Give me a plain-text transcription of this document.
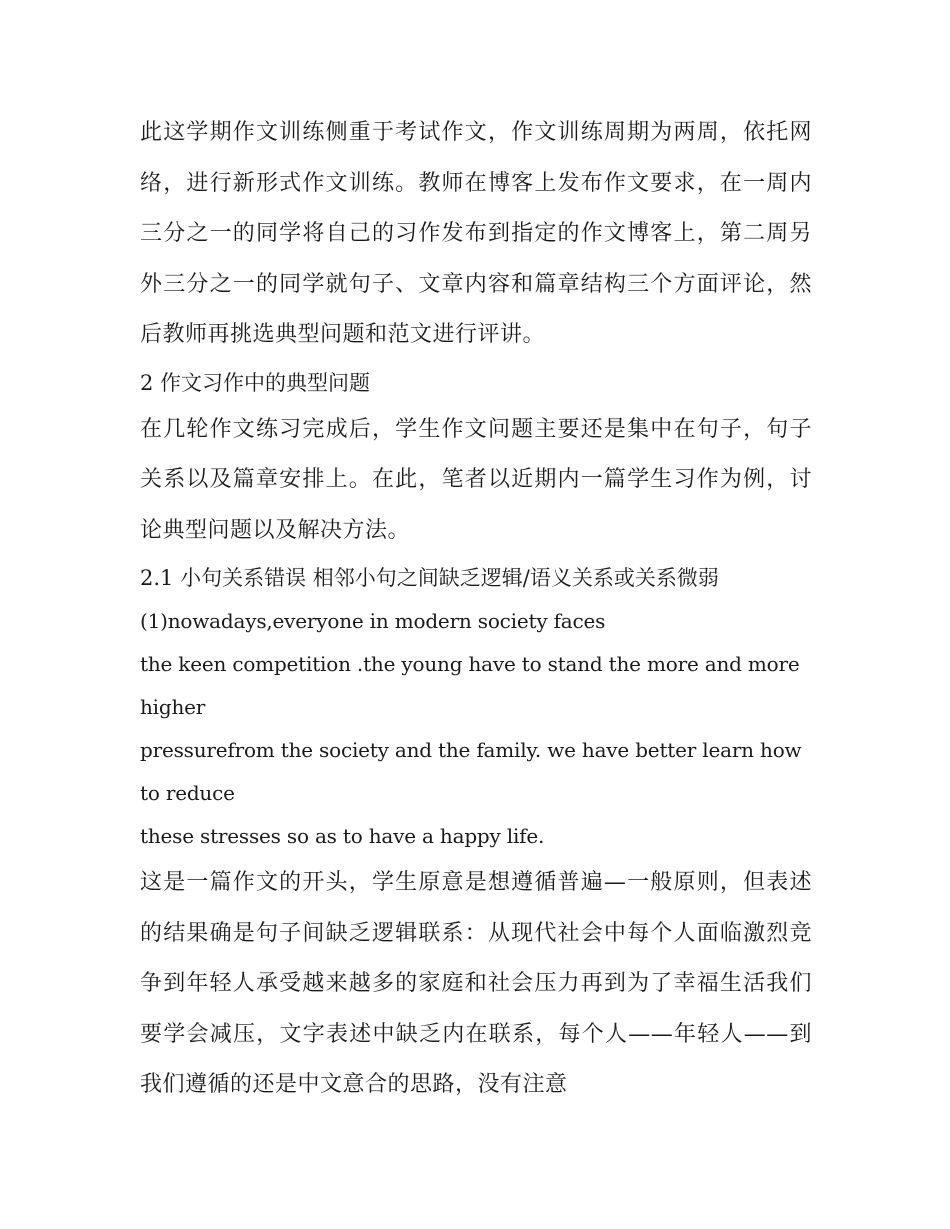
此这学期作文训练侧重于考试作文，作文训练周期为两周，依托网络，进行新形式作文训练。教师在博客上发布作文要求，在一周内三分之一的同学将自己的习作发布到指定的作文博客上，第二周另外三分之一的同学就句子、文章内容和篇章结构三个方面评论，然后教师再挑选典型问题和范文进行评讲。

2 作文习作中的典型问题

在几轮作文练习完成后，学生作文问题主要还是集中在句子，句子关系以及篇章安排上。在此，笔者以近期内一篇学生习作为例，讨论典型问题以及解决方法。

2.1 小句关系错误 相邻小句之间缺乏逻辑/语义关系或关系微弱

(1)nowadays,everyone in modern society faces

the keen competition .the young have to stand the more and more higher

pressurefrom the society and the family. we have better learn how to reduce

these stresses so as to have a happy life.

这是一篇作文的开头，学生原意是想遵循普遍—一般原则，但表述的结果确是句子间缺乏逻辑联系：从现代社会中每个人面临激烈竞争到年轻人承受越来越多的家庭和社会压力再到为了幸福生活我们要学会减压，文字表述中缺乏内在联系，每个人——年轻人——到我们遵循的还是中文意合的思路，没有注意
